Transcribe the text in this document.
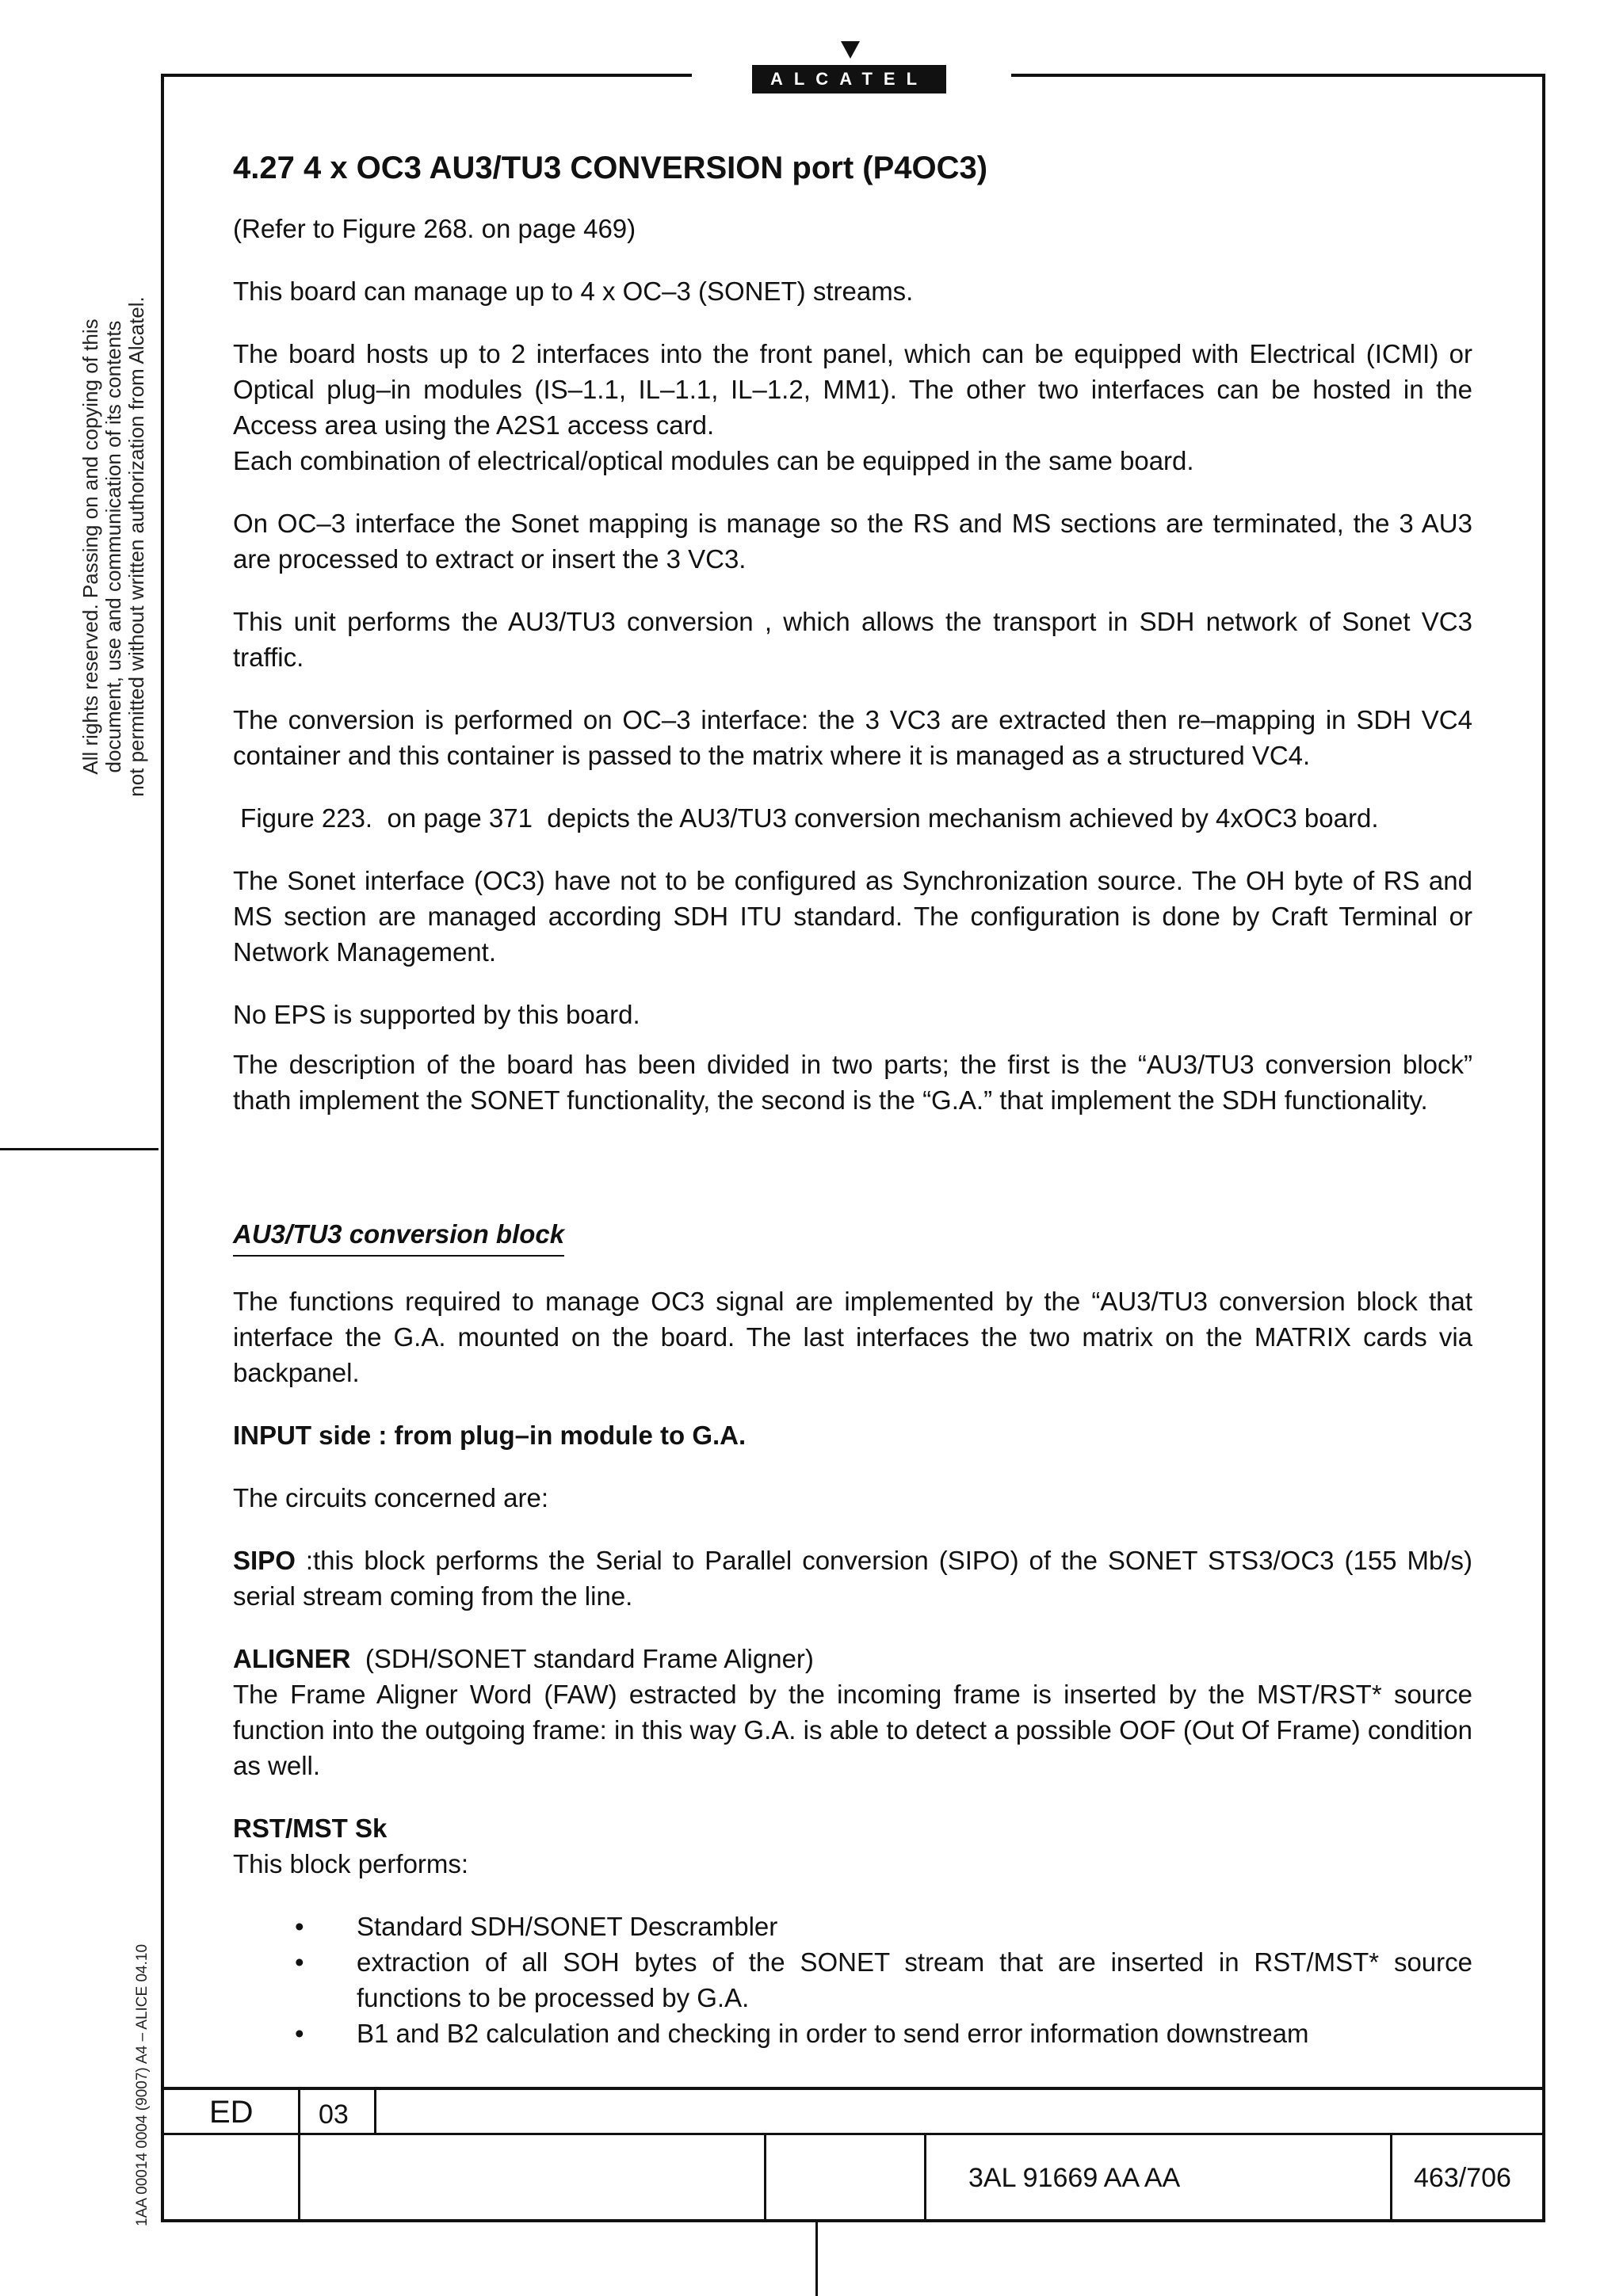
ALCATEL
All rights reserved. Passing on and copying of this document, use and communication of its contents not permitted without written authorization from Alcatel.
1AA 00014 0004 (9007) A4 – ALICE 04.10
4.27 4 x OC3 AU3/TU3 CONVERSION port (P4OC3)

(Refer to Figure 268. on page 469)

This board can manage up to 4 x OC–3 (SONET) streams.

The board hosts up to 2 interfaces into the front panel, which can be equipped with Electrical (ICMI) or Optical plug–in modules (IS–1.1, IL–1.1, IL–1.2, MM1). The other two interfaces can be hosted in the Access area using the A2S1 access card.

Each combination of electrical/optical modules can be equipped in the same board.

On OC–3 interface the Sonet mapping is manage so the RS and MS sections are terminated, the 3 AU3 are processed to extract or insert the 3 VC3.

This unit performs the AU3/TU3 conversion , which allows the transport in SDH network of Sonet VC3 traffic.

The conversion is performed on OC–3 interface: the 3 VC3 are extracted then re–mapping in SDH VC4 container and this container is passed to the matrix where it is managed as a structured VC4.

Figure 223.  on page 371  depicts the AU3/TU3 conversion mechanism achieved by 4xOC3 board.

The Sonet interface (OC3) have not to be configured as Synchronization source. The OH byte of RS and MS section are managed according SDH ITU standard. The configuration is done by Craft Terminal or Network Management.

No EPS is supported by this board.

The description of the board has been divided in two parts; the first is the “AU3/TU3 conversion block” thath implement the SONET functionality, the second is the “G.A.” that implement the SDH functionality.

AU3/TU3 conversion block

The functions required to manage OC3 signal are implemented by the “AU3/TU3 conversion block that interface the G.A. mounted on the board. The last interfaces the two matrix on the MATRIX cards via backpanel.

INPUT side : from plug–in module to G.A.

The circuits concerned are:

SIPO :this block performs the Serial to Parallel conversion (SIPO) of the SONET STS3/OC3 (155 Mb/s) serial stream coming from the line.

ALIGNER  (SDH/SONET standard Frame Aligner)
The Frame Aligner Word (FAW) estracted by the incoming frame is inserted by the MST/RST* source function into the outgoing frame: in this way G.A. is able to detect a possible OOF (Out Of Frame) condition as well.

RST/MST Sk
This block performs:

• Standard SDH/SONET Descrambler
• extraction of all SOH bytes of the SONET stream that are inserted in RST/MST* source functions to be processed by G.A.
• B1 and B2 calculation and checking in order to send error information downstream
ED 03
3AL 91669 AA AA	463/706
